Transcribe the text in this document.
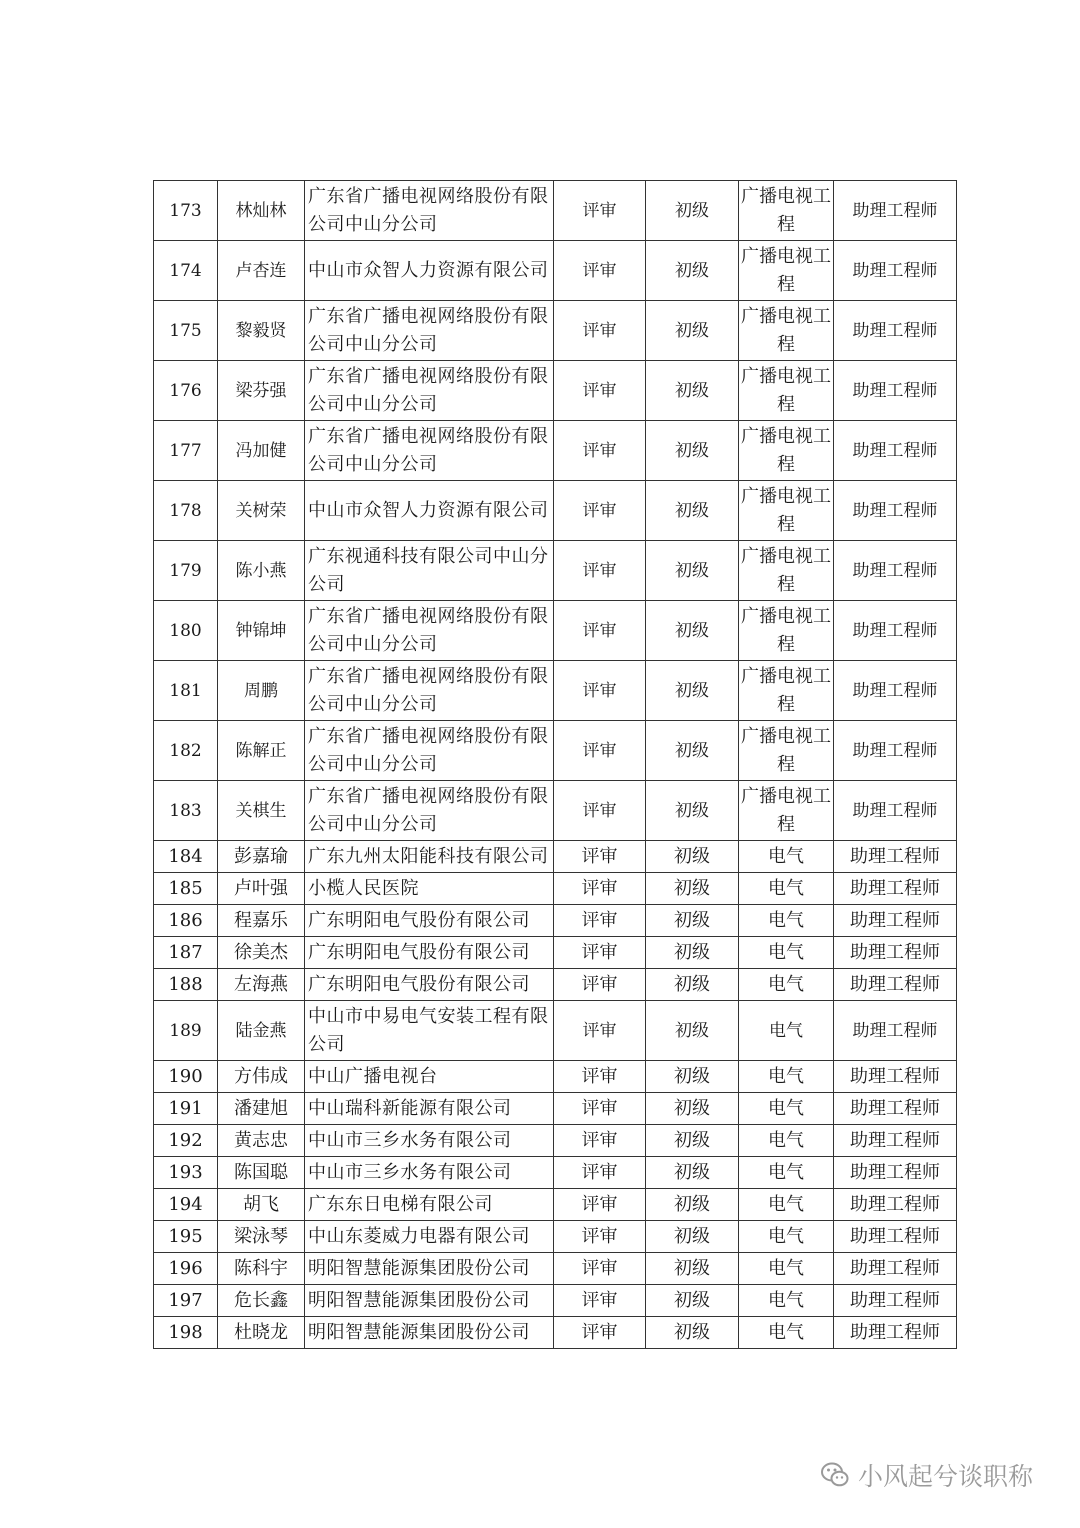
173	林灿林	广东省广播电视网络股份有限公司中山分公司	评审	初级	广播电视工程	助理工程师
174	卢杏连	中山市众智人力资源有限公司	评审	初级	广播电视工程	助理工程师
175	黎毅贤	广东省广播电视网络股份有限公司中山分公司	评审	初级	广播电视工程	助理工程师
176	梁芬强	广东省广播电视网络股份有限公司中山分公司	评审	初级	广播电视工程	助理工程师
177	冯加健	广东省广播电视网络股份有限公司中山分公司	评审	初级	广播电视工程	助理工程师
178	关树荣	中山市众智人力资源有限公司	评审	初级	广播电视工程	助理工程师
179	陈小燕	广东视通科技有限公司中山分公司	评审	初级	广播电视工程	助理工程师
180	钟锦坤	广东省广播电视网络股份有限公司中山分公司	评审	初级	广播电视工程	助理工程师
181	周鹏	广东省广播电视网络股份有限公司中山分公司	评审	初级	广播电视工程	助理工程师
182	陈解正	广东省广播电视网络股份有限公司中山分公司	评审	初级	广播电视工程	助理工程师
183	关棋生	广东省广播电视网络股份有限公司中山分公司	评审	初级	广播电视工程	助理工程师
184	彭嘉瑜	广东九州太阳能科技有限公司	评审	初级	电气	助理工程师
185	卢叶强	小榄人民医院	评审	初级	电气	助理工程师
186	程嘉乐	广东明阳电气股份有限公司	评审	初级	电气	助理工程师
187	徐美杰	广东明阳电气股份有限公司	评审	初级	电气	助理工程师
188	左海燕	广东明阳电气股份有限公司	评审	初级	电气	助理工程师
189	陆金燕	中山市中易电气安装工程有限公司	评审	初级	电气	助理工程师
190	方伟成	中山广播电视台	评审	初级	电气	助理工程师
191	潘建旭	中山瑞科新能源有限公司	评审	初级	电气	助理工程师
192	黄志忠	中山市三乡水务有限公司	评审	初级	电气	助理工程师
193	陈国聪	中山市三乡水务有限公司	评审	初级	电气	助理工程师
194	胡飞	广东东日电梯有限公司	评审	初级	电气	助理工程师
195	梁泳琴	中山东菱威力电器有限公司	评审	初级	电气	助理工程师
196	陈科宇	明阳智慧能源集团股份公司	评审	初级	电气	助理工程师
197	危长鑫	明阳智慧能源集团股份公司	评审	初级	电气	助理工程师
198	杜晓龙	明阳智慧能源集团股份公司	评审	初级	电气	助理工程师
小风起兮谈职称
